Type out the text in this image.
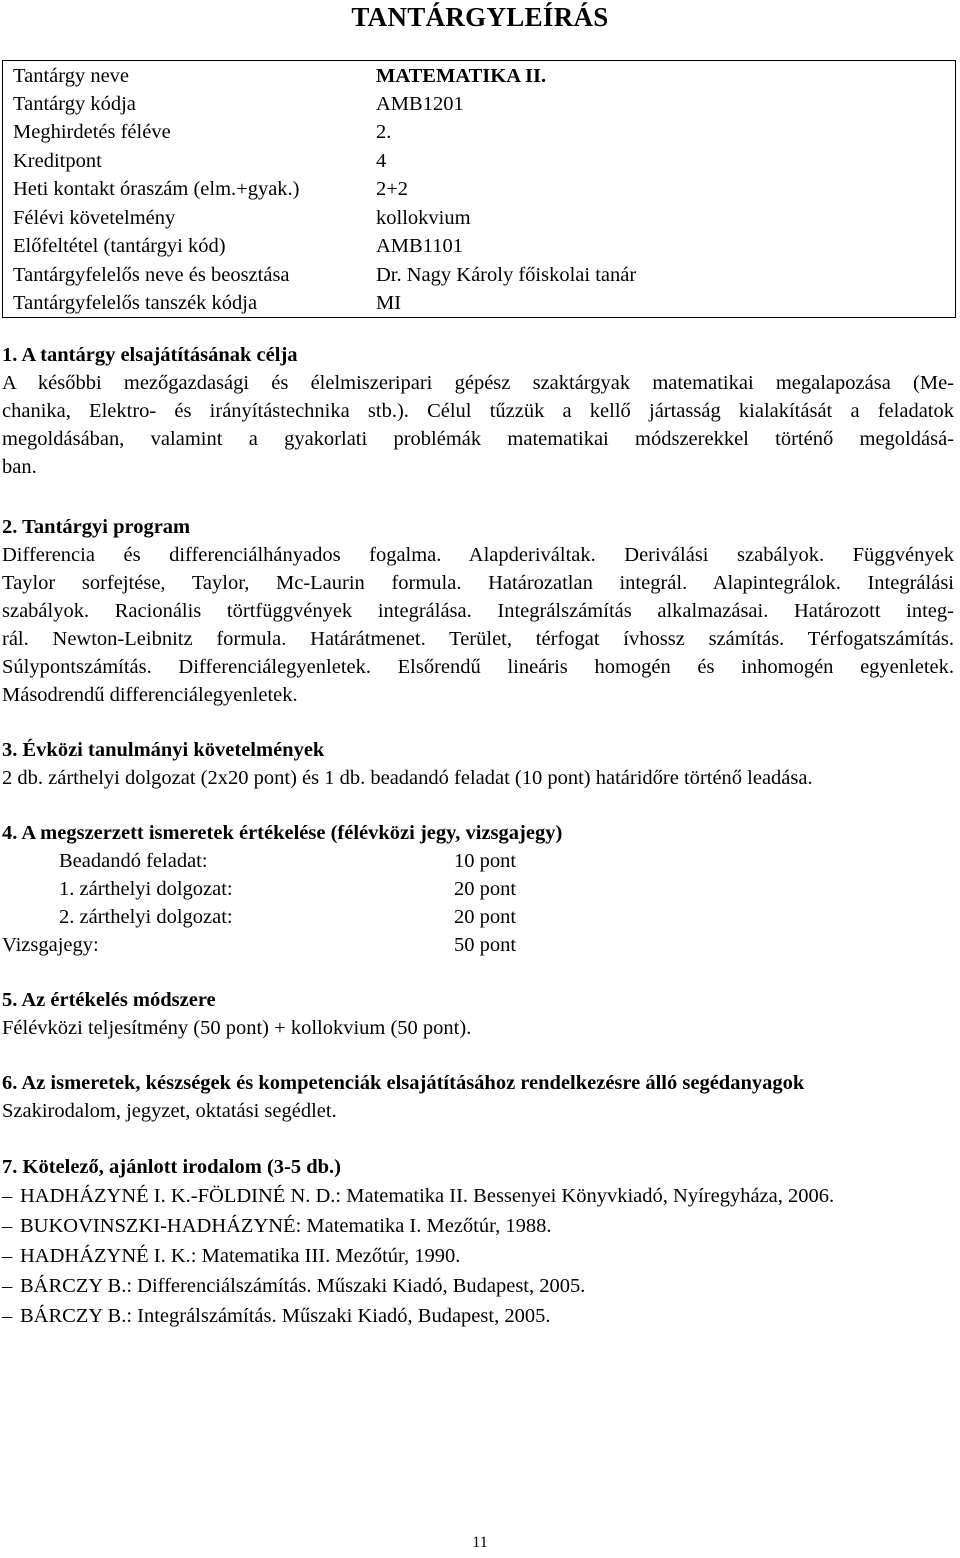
TANTÁRGYLEÍRÁS
Tantárgy neve	MATEMATIKA II.
Tantárgy kódja	AMB1201
Meghirdetés féléve	2.
Kreditpont	4
Heti kontakt óraszám (elm.+gyak.)	2+2
Félévi követelmény	kollokvium
Előfeltétel (tantárgyi kód)	AMB1101
Tantárgyfelelős neve és beosztása	Dr. Nagy Károly főiskolai tanár
Tantárgyfelelős tanszék kódja	MI
1. A tantárgy elsajátításának célja
A későbbi mezőgazdasági és élelmiszeripari gépész szaktárgyak matematikai megalapozása (Me-
chanika, Elektro- és irányítástechnika stb.). Célul tűzzük a kellő jártasság kialakítását a feladatok
megoldásában, valamint a gyakorlati problémák matematikai módszerekkel történő megoldásá-
ban.
2. Tantárgyi program
Differencia és differenciálhányados fogalma. Alapderiváltak. Deriválási szabályok. Függvények
Taylor sorfejtése, Taylor, Mc-Laurin formula. Határozatlan integrál. Alapintegrálok. Integrálási
szabályok. Racionális törtfüggvények integrálása. Integrálszámítás alkalmazásai. Határozott integ-
rál. Newton-Leibnitz formula. Határátmenet. Terület, térfogat ívhossz számítás. Térfogatszámítás.
Súlypontszámítás. Differenciálegyenletek. Elsőrendű lineáris homogén és inhomogén egyenletek.
Másodrendű differenciálegyenletek.
3. Évközi tanulmányi követelmények
2 db. zárthelyi dolgozat (2x20 pont) és 1 db. beadandó feladat (10 pont) határidőre történő leadása.
4. A megszerzett ismeretek értékelése (félévközi jegy, vizsgajegy)
Beadandó feladat:	10 pont
1. zárthelyi dolgozat:	20 pont
2. zárthelyi dolgozat:	20 pont
Vizsgajegy:	50 pont
5. Az értékelés módszere
Félévközi teljesítmény (50 pont) + kollokvium (50 pont).
6. Az ismeretek, készségek és kompetenciák elsajátításához rendelkezésre álló segédanyagok
Szakirodalom, jegyzet, oktatási segédlet.
7. Kötelező, ajánlott irodalom (3-5 db.)
– HADHÁZYNÉ I. K.-FÖLDINÉ N. D.: Matematika II. Bessenyei Könyvkiadó, Nyíregyháza, 2006.
– BUKOVINSZKI-HADHÁZYNÉ: Matematika I. Mezőtúr, 1988.
– HADHÁZYNÉ I. K.: Matematika III. Mezőtúr, 1990.
– BÁRCZY B.: Differenciálszámítás. Műszaki Kiadó, Budapest, 2005.
– BÁRCZY B.: Integrálszámítás. Műszaki Kiadó, Budapest, 2005.
11
